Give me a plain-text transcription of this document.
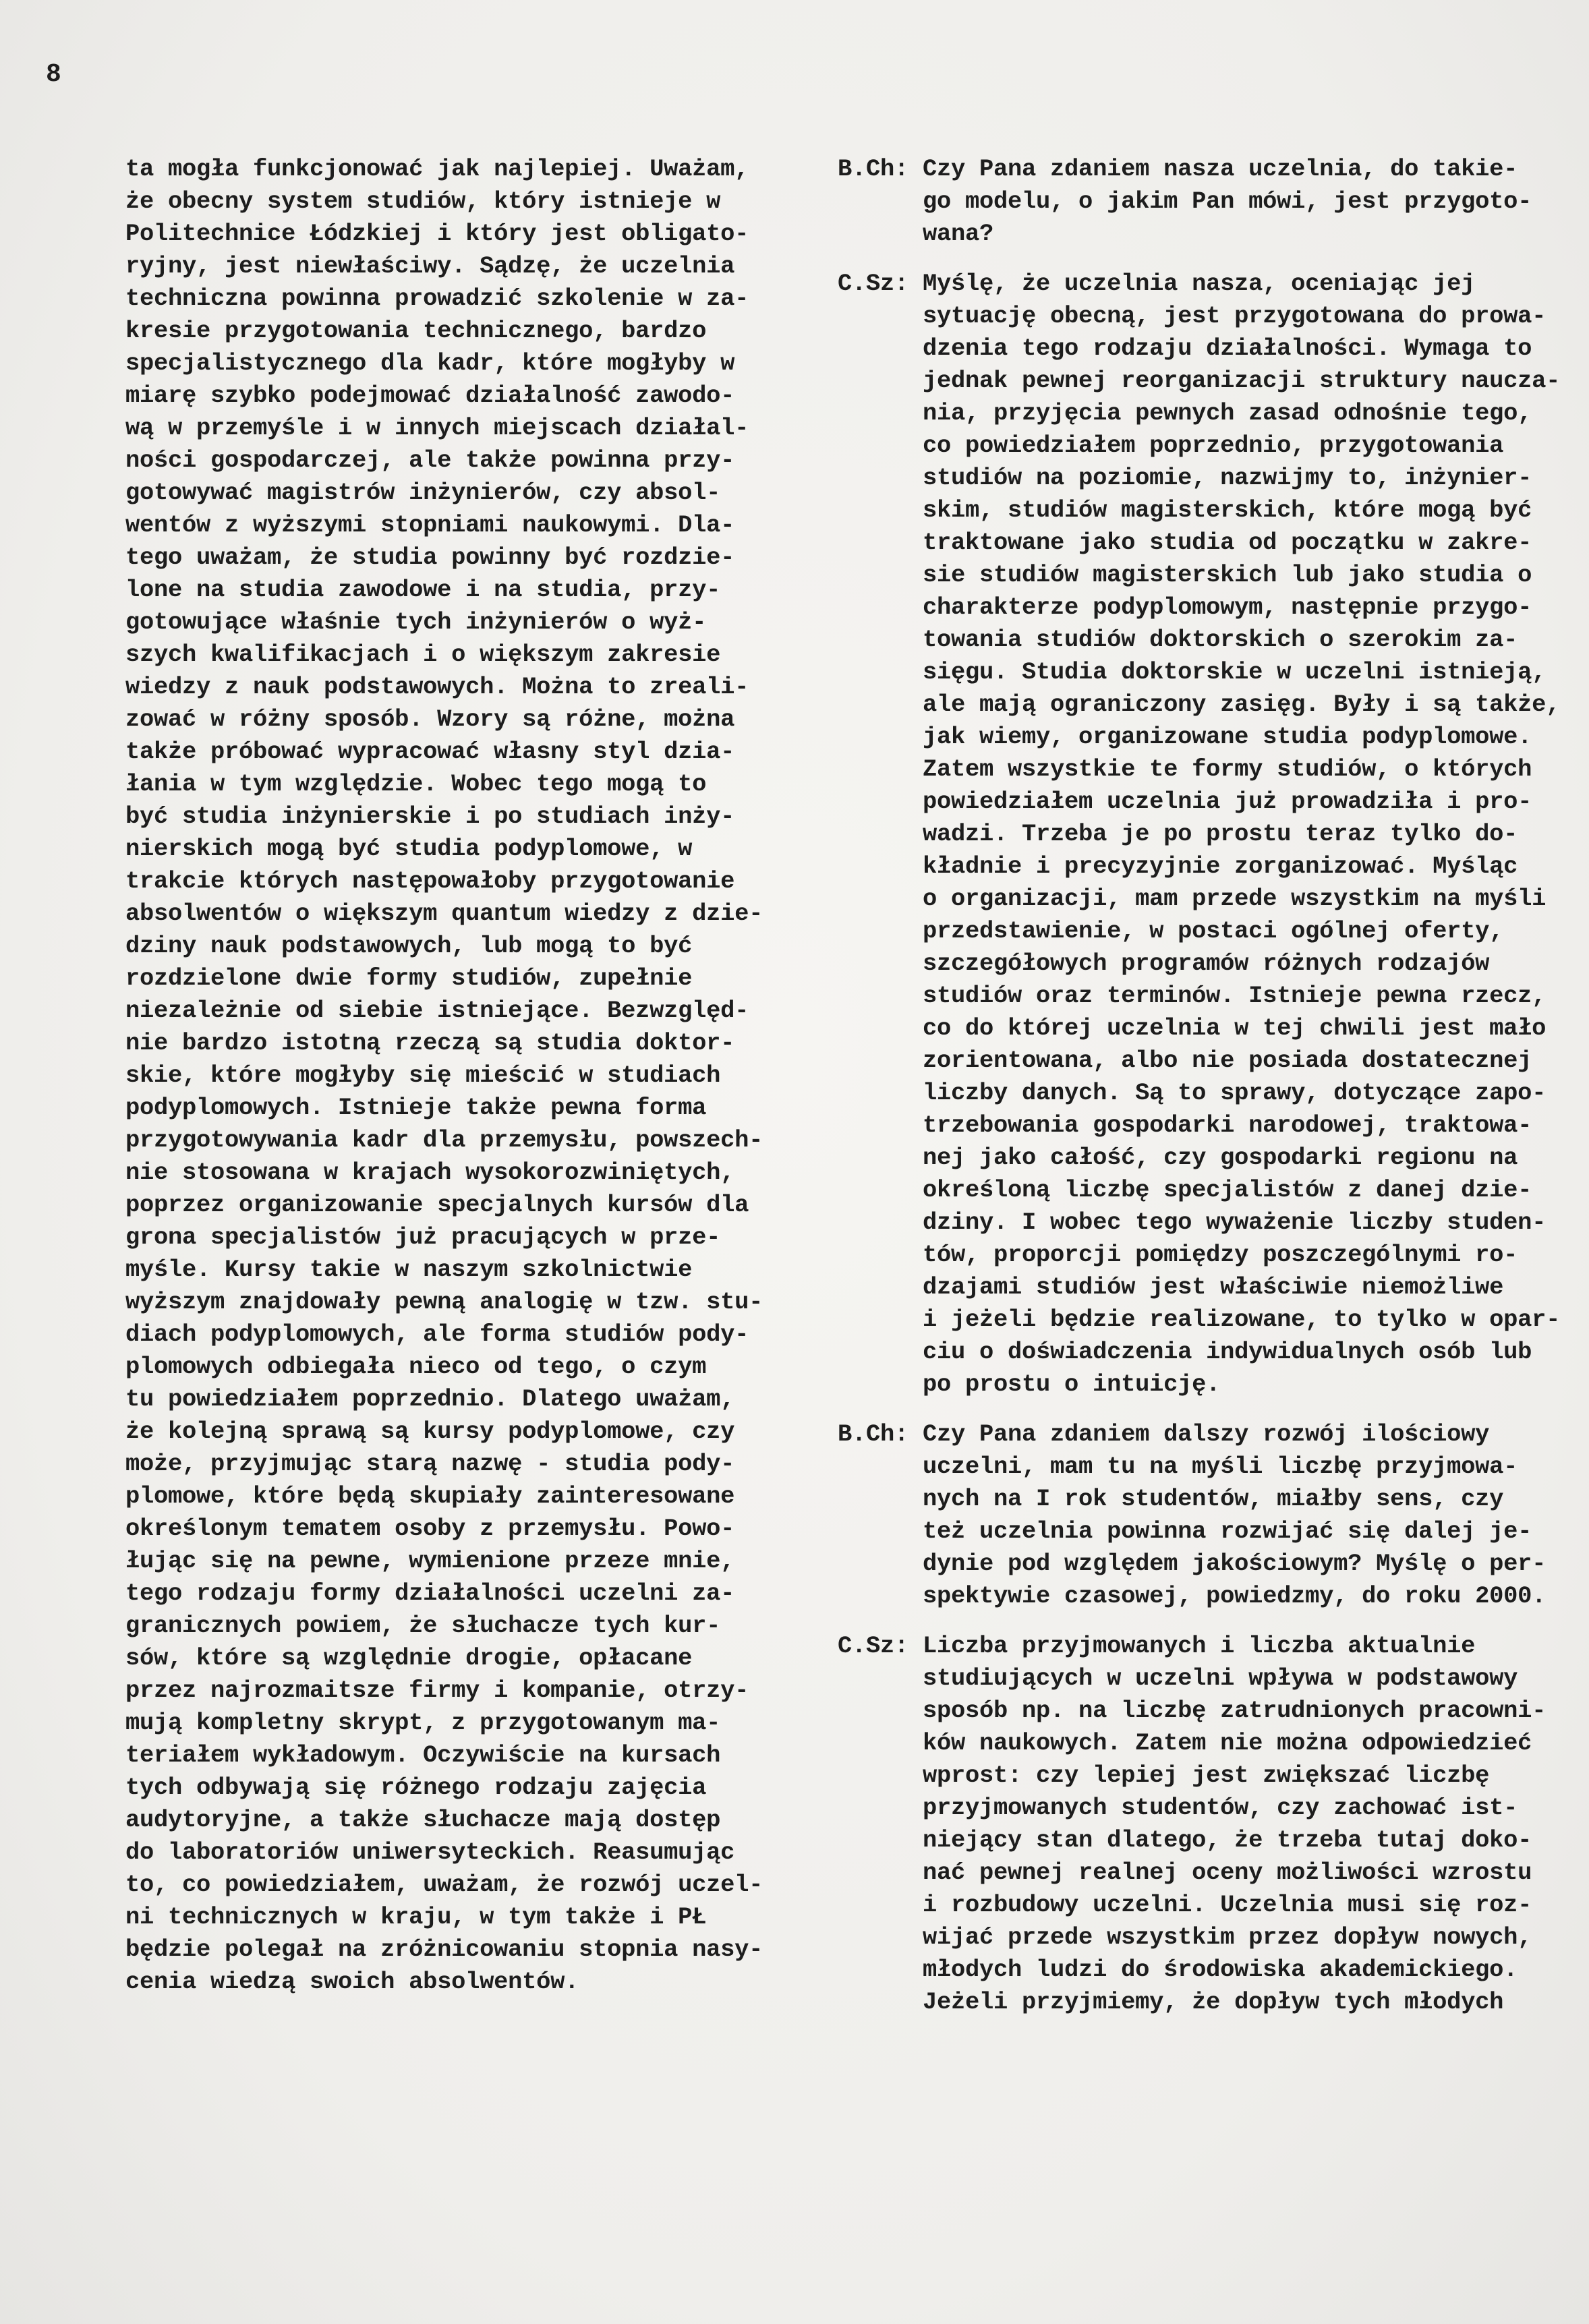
8
ta mogła funkcjonować jak najlepiej. Uważam,
że obecny system studiów, który istnieje w
Politechnice Łódzkiej i który jest obligato-
ryjny, jest niewłaściwy. Sądzę, że uczelnia
techniczna powinna prowadzić szkolenie w za-
kresie przygotowania technicznego, bardzo
specjalistycznego dla kadr, które mogłyby w
miarę szybko podejmować działalność zawodo-
wą w przemyśle i w innych miejscach działal-
ności gospodarczej, ale także powinna przy-
gotowywać magistrów inżynierów, czy absol-
wentów z wyższymi stopniami naukowymi. Dla-
tego uważam, że studia powinny być rozdzie-
lone na studia zawodowe i na studia, przy-
gotowujące właśnie tych inżynierów o wyż-
szych kwalifikacjach i o większym zakresie
wiedzy z nauk podstawowych. Można to zreali-
zować w różny sposób. Wzory są różne, można
także próbować wypracować własny styl dzia-
łania w tym względzie. Wobec tego mogą to
być studia inżynierskie i po studiach inży-
nierskich mogą być studia podyplomowe, w
trakcie których następowałoby przygotowanie
absolwentów o większym quantum wiedzy z dzie-
dziny nauk podstawowych, lub mogą to być
rozdzielone dwie formy studiów, zupełnie
niezależnie od siebie istniejące. Bezwzględ-
nie bardzo istotną rzeczą są studia doktor-
skie, które mogłyby się mieścić w studiach
podyplomowych. Istnieje także pewna forma
przygotowywania kadr dla przemysłu, powszech-
nie stosowana w krajach wysokorozwiniętych,
poprzez organizowanie specjalnych kursów dla
grona specjalistów już pracujących w prze-
myśle. Kursy takie w naszym szkolnictwie
wyższym znajdowały pewną analogię w tzw. stu-
diach podyplomowych, ale forma studiów pody-
plomowych odbiegała nieco od tego, o czym
tu powiedziałem poprzednio. Dlatego uważam,
że kolejną sprawą są kursy podyplomowe, czy
może, przyjmując starą nazwę - studia pody-
plomowe, które będą skupiały zainteresowane
określonym tematem osoby z przemysłu. Powo-
łując się na pewne, wymienione przeze mnie,
tego rodzaju formy działalności uczelni za-
granicznych powiem, że słuchacze tych kur-
sów, które są względnie drogie, opłacane
przez najrozmaitsze firmy i kompanie, otrzy-
mują kompletny skrypt, z przygotowanym ma-
teriałem wykładowym. Oczywiście na kursach
tych odbywają się różnego rodzaju zajęcia
audytoryjne, a także słuchacze mają dostęp
do laboratoriów uniwersyteckich. Reasumując
to, co powiedziałem, uważam, że rozwój uczel-
ni technicznych w kraju, w tym także i PŁ
będzie polegał na zróżnicowaniu stopnia nasy-
cenia wiedzą swoich absolwentów.
B.Ch: Czy Pana zdaniem nasza uczelnia, do takie-
go modelu, o jakim Pan mówi, jest przygoto-
wana?
C.Sz: Myślę, że uczelnia nasza, oceniając jej
sytuację obecną, jest przygotowana do prowa-
dzenia tego rodzaju działalności. Wymaga to
jednak pewnej reorganizacji struktury naucza-
nia, przyjęcia pewnych zasad odnośnie tego,
co powiedziałem poprzednio, przygotowania
studiów na poziomie, nazwijmy to, inżynier-
skim, studiów magisterskich, które mogą być
traktowane jako studia od początku w zakre-
sie studiów magisterskich lub jako studia o
charakterze podyplomowym, następnie przygo-
towania studiów doktorskich o szerokim za-
sięgu. Studia doktorskie w uczelni istnieją,
ale mają ograniczony zasięg. Były i są także,
jak wiemy, organizowane studia podyplomowe.
Zatem wszystkie te formy studiów, o których
powiedziałem uczelnia już prowadziła i pro-
wadzi. Trzeba je po prostu teraz tylko do-
kładnie i precyzyjnie zorganizować. Myśląc
o organizacji, mam przede wszystkim na myśli
przedstawienie, w postaci ogólnej oferty,
szczegółowych programów różnych rodzajów
studiów oraz terminów. Istnieje pewna rzecz,
co do której uczelnia w tej chwili jest mało
zorientowana, albo nie posiada dostatecznej
liczby danych. Są to sprawy, dotyczące zapo-
trzebowania gospodarki narodowej, traktowa-
nej jako całość, czy gospodarki regionu na
określoną liczbę specjalistów z danej dzie-
dziny. I wobec tego wyważenie liczby studen-
tów, proporcji pomiędzy poszczególnymi ro-
dzajami studiów jest właściwie niemożliwe
i jeżeli będzie realizowane, to tylko w opar-
ciu o doświadczenia indywidualnych osób lub
po prostu o intuicję.
B.Ch: Czy Pana zdaniem dalszy rozwój ilościowy
uczelni, mam tu na myśli liczbę przyjmowa-
nych na I rok studentów, miałby sens, czy
też uczelnia powinna rozwijać się dalej je-
dynie pod względem jakościowym? Myślę o per-
spektywie czasowej, powiedzmy, do roku 2000.
C.Sz: Liczba przyjmowanych i liczba aktualnie
studiujących w uczelni wpływa w podstawowy
sposób np. na liczbę zatrudnionych pracowni-
ków naukowych. Zatem nie można odpowiedzieć
wprost: czy lepiej jest zwiększać liczbę
przyjmowanych studentów, czy zachować ist-
niejący stan dlatego, że trzeba tutaj doko-
nać pewnej realnej oceny możliwości wzrostu
i rozbudowy uczelni. Uczelnia musi się roz-
wijać przede wszystkim przez dopływ nowych,
młodych ludzi do środowiska akademickiego.
Jeżeli przyjmiemy, że dopływ tych młodych
